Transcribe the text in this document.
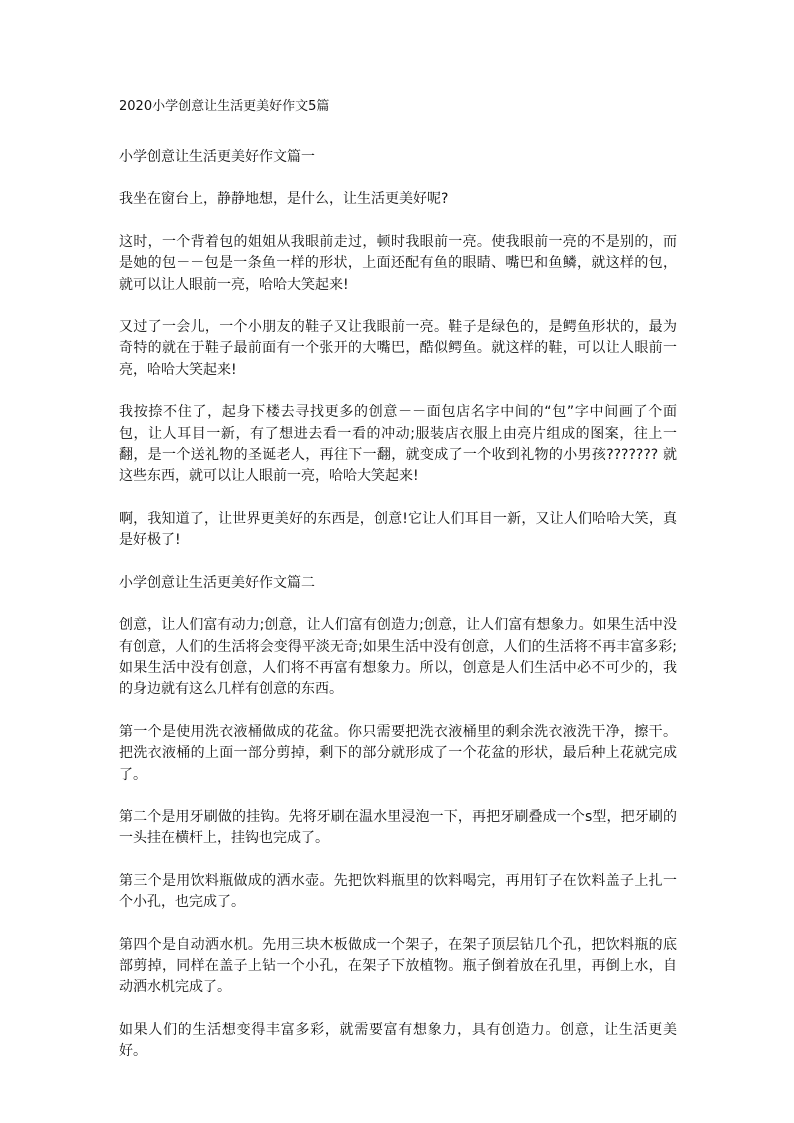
2020小学创意让生活更美好作文5篇

小学创意让生活更美好作文篇一

我坐在窗台上，静静地想，是什么，让生活更美好呢?

这时，一个背着包的姐姐从我眼前走过，顿时我眼前一亮。使我眼前一亮的不是别的，而是她的包－－包是一条鱼一样的形状，上面还配有鱼的眼睛、嘴巴和鱼鳞，就这样的包，就可以让人眼前一亮，哈哈大笑起来!

又过了一会儿，一个小朋友的鞋子又让我眼前一亮。鞋子是绿色的，是鳄鱼形状的，最为奇特的就在于鞋子最前面有一个张开的大嘴巴，酷似鳄鱼。就这样的鞋，可以让人眼前一亮，哈哈大笑起来!

我按捺不住了，起身下楼去寻找更多的创意－－面包店名字中间的“包”字中间画了个面包，让人耳目一新，有了想进去看一看的冲动;服装店衣服上由亮片组成的图案，往上一翻，是一个送礼物的圣诞老人，再往下一翻，就变成了一个收到礼物的小男孩??????? 就这些东西，就可以让人眼前一亮，哈哈大笑起来!

啊，我知道了，让世界更美好的东西是，创意!它让人们耳目一新，又让人们哈哈大笑，真是好极了!

小学创意让生活更美好作文篇二

创意，让人们富有动力;创意，让人们富有创造力;创意，让人们富有想象力。如果生活中没有创意，人们的生活将会变得平淡无奇;如果生活中没有创意，人们的生活将不再丰富多彩;如果生活中没有创意，人们将不再富有想象力。所以，创意是人们生活中必不可少的，我的身边就有这么几样有创意的东西。

第一个是使用洗衣液桶做成的花盆。你只需要把洗衣液桶里的剩余洗衣液洗干净，擦干。把洗衣液桶的上面一部分剪掉，剩下的部分就形成了一个花盆的形状，最后种上花就完成了。

第二个是用牙刷做的挂钩。先将牙刷在温水里浸泡一下，再把牙刷叠成一个s型，把牙刷的一头挂在横杆上，挂钩也完成了。

第三个是用饮料瓶做成的洒水壶。先把饮料瓶里的饮料喝完，再用钉子在饮料盖子上扎一个小孔，也完成了。

第四个是自动洒水机。先用三块木板做成一个架子，在架子顶层钻几个孔，把饮料瓶的底部剪掉，同样在盖子上钻一个小孔，在架子下放植物。瓶子倒着放在孔里，再倒上水，自动洒水机完成了。

如果人们的生活想变得丰富多彩，就需要富有想象力，具有创造力。创意，让生活更美好。
